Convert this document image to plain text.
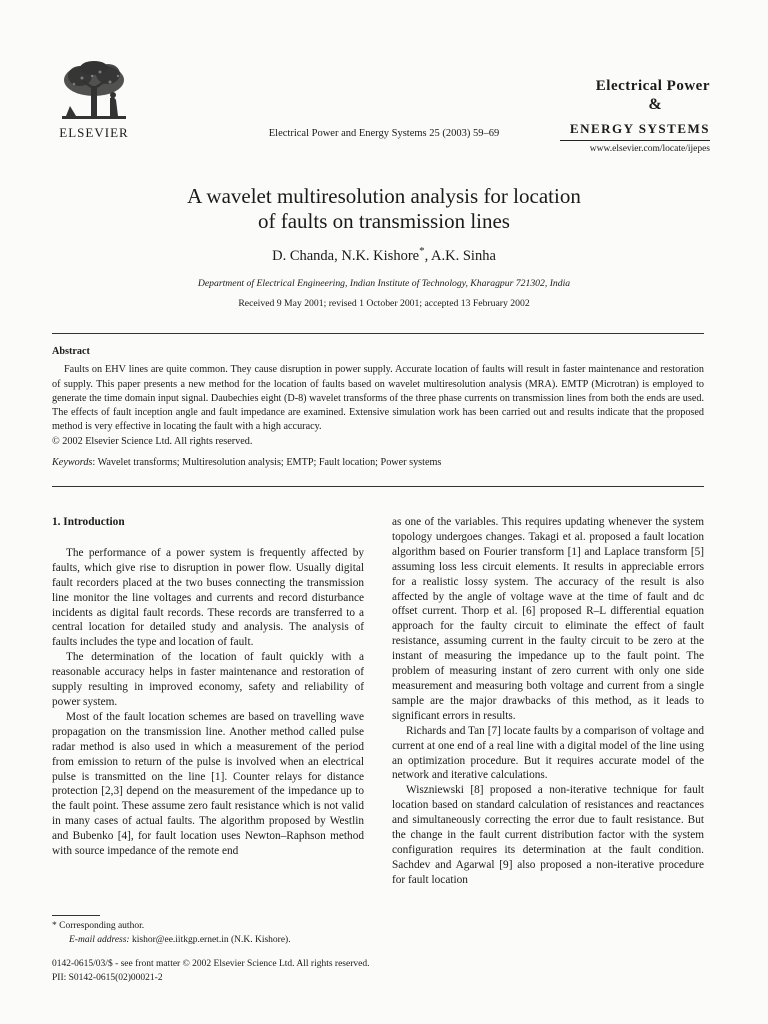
ELSEVIER	Electrical Power and Energy Systems 25 (2003) 59–69
Electrical Power
&
ENERGY SYSTEMS
www.elsevier.com/locate/ijepes
A wavelet multiresolution analysis for location
of faults on transmission lines
D. Chanda, N.K. Kishore*, A.K. Sinha
Department of Electrical Engineering, Indian Institute of Technology, Kharagpur 721302, India
Received 9 May 2001; revised 1 October 2001; accepted 13 February 2002
Abstract

Faults on EHV lines are quite common. They cause disruption in power supply. Accurate location of faults will result in faster maintenance and restoration of supply. This paper presents a new method for the location of faults based on wavelet multiresolution analysis (MRA). EMTP (Microtran) is employed to generate the time domain input signal. Daubechies eight (D-8) wavelet transforms of the three phase currents on transmission lines from both the ends are used. The effects of fault inception angle and fault impedance are examined. Extensive simulation work has been carried out and results indicate that the proposed method is very effective in locating the fault with a high accuracy.
© 2002 Elsevier Science Ltd. All rights reserved.

Keywords: Wavelet transforms; Multiresolution analysis; EMTP; Fault location; Power systems
1. Introduction

The performance of a power system is frequently affected by faults, which give rise to disruption in power flow. Usually digital fault recorders placed at the two buses connecting the transmission line monitor the line voltages and currents and record disturbance incidents as digital fault records. These records are transferred to a central location for detailed study and analysis. The analysis of faults includes the type and location of fault.

The determination of the location of fault quickly with a reasonable accuracy helps in faster maintenance and restoration of supply resulting in improved economy, safety and reliability of power system.

Most of the fault location schemes are based on travelling wave propagation on the transmission line. Another method called pulse radar method is also used in which a measurement of the period from emission to return of the pulse is involved when an electrical pulse is transmitted on the line [1]. Counter relays for distance protection [2,3] depend on the measurement of the impedance up to the fault point. These assume zero fault resistance which is not valid in many cases of actual faults. The algorithm proposed by Westlin and Bubenko [4], for fault location uses Newton–Raphson method with source impedance of the remote end

as one of the variables. This requires updating whenever the system topology undergoes changes. Takagi et al. proposed a fault location algorithm based on Fourier transform [1] and Laplace transform [5] assuming loss less circuit elements. It results in appreciable errors for a realistic lossy system. The accuracy of the result is also affected by the angle of voltage wave at the time of fault and dc offset current. Thorp et al. [6] proposed R–L differential equation approach for the faulty circuit to eliminate the effect of fault resistance, assuming current in the faulty circuit to be zero at the instant of measuring the impedance up to the fault point. The problem of measuring instant of zero current with only one side measurement and measuring both voltage and current from a single sample are the major drawbacks of this method, as it leads to significant errors in results.

Richards and Tan [7] locate faults by a comparison of voltage and current at one end of a real line with a digital model of the line using an optimization procedure. But it requires accurate model of the network and iterative calculations.

Wiszniewski [8] proposed a non-iterative technique for fault location based on standard calculation of resistances and reactances and simultaneously correcting the error due to fault resistance. But the change in the fault current distribution factor with the system configuration requires its determination at the fault condition. Sachdev and Agarwal [9] also proposed a non-iterative procedure for fault location

* Corresponding author.
E-mail address: kishor@ee.iitkgp.ernet.in (N.K. Kishore).
0142-0615/03/$ - see front matter © 2002 Elsevier Science Ltd. All rights reserved.
PII: S0142-0615(02)00021-2
